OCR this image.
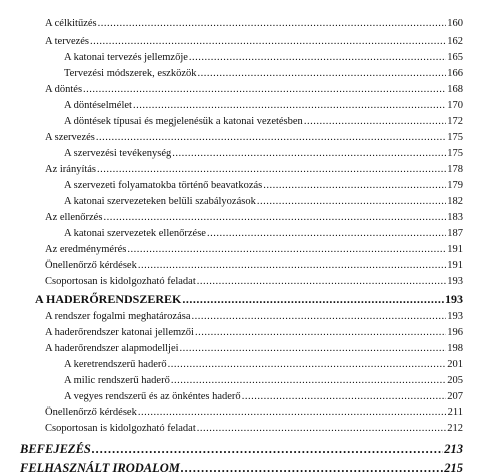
A célkitűzés .....	160
A tervezés .....	162
A katonai tervezés jellemzője .....	165
Tervezési módszerek, eszközök .....	166
A döntés .....	168
A döntéselmélet .....	170
A döntések típusai és megjelenésük a katonai vezetésben .....	172
A szervezés .....	175
A szervezési tevékenység .....	175
Az irányítás .....	178
A szervezeti folyamatokba történő beavatkozás .....	179
A katonai szervezeteken belüli szabályozások .....	182
Az ellenőrzés .....	183
A katonai szervezetek ellenőrzése .....	187
Az eredménymérés .....	191
Önellenőrző kérdések .....	191
Csoportosan is kidolgozható feladat .....	193
A HADERŐRENDSZEREK .....	193
A rendszer fogalmi meghatározása .....	193
A haderőrendszer katonai jellemzői .....	196
A haderőrendszer alapmodelljei .....	198
A keretrendszerű haderő .....	201
A milic rendszerű haderő .....	205
A vegyes rendszerű és az önkéntes haderő .....	207
Önellenőrző kérdések .....	211
Csoportosan is kidolgozható feladat .....	212
BEFEJEZÉS .....	213
FELHASZNÁLT IRODALOM .....	215
